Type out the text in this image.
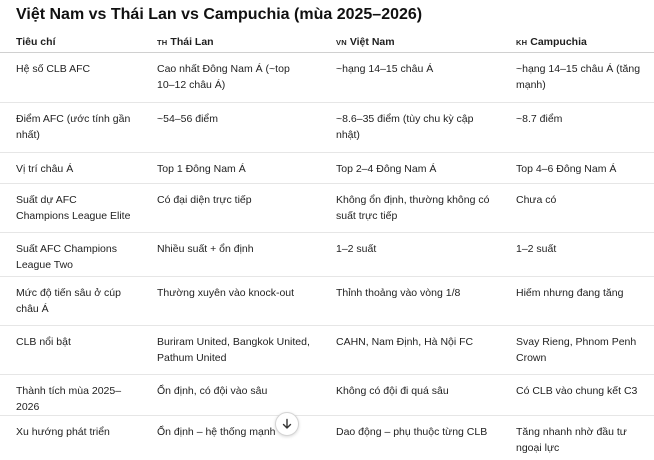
Việt Nam vs Thái Lan vs Campuchia (mùa 2025–2026)
Tiêu chí	TH Thái Lan	VN Việt Nam	KH Campuchia

Hệ số CLB AFC	Cao nhất Đông Nam Á (~top 10–12 châu Á)	~hạng 14–15 châu Á	~hạng 14–15 châu Á (tăng mạnh)

Điểm AFC (ước tính gần nhất)	~54–56 điểm	~8.6–35 điểm (tùy chu kỳ cập nhật)	~8.7 điểm

Vị trí châu Á	Top 1 Đông Nam Á	Top 2–4 Đông Nam Á	Top 4–6 Đông Nam Á

Suất dự AFC Champions League Elite	Có đại diện trực tiếp	Không ổn định, thường không có suất trực tiếp	Chưa có

Suất AFC Champions League Two	Nhiều suất + ổn định	1–2 suất	1–2 suất

Mức độ tiến sâu ở cúp châu Á	Thường xuyên vào knock-out	Thỉnh thoảng vào vòng 1/8	Hiếm nhưng đang tăng

CLB nổi bật	Buriram United, Bangkok United, Pathum United	CAHN, Nam Định, Hà Nội FC	Svay Rieng, Phnom Penh Crown

Thành tích mùa 2025–2026	Ổn định, có đội vào sâu	Không có đội đi quá sâu	Có CLB vào chung kết C3

Xu hướng phát triển	Ổn định – hệ thống mạnh	Dao động – phụ thuộc từng CLB	Tăng nhanh nhờ đầu tư ngoại lực
